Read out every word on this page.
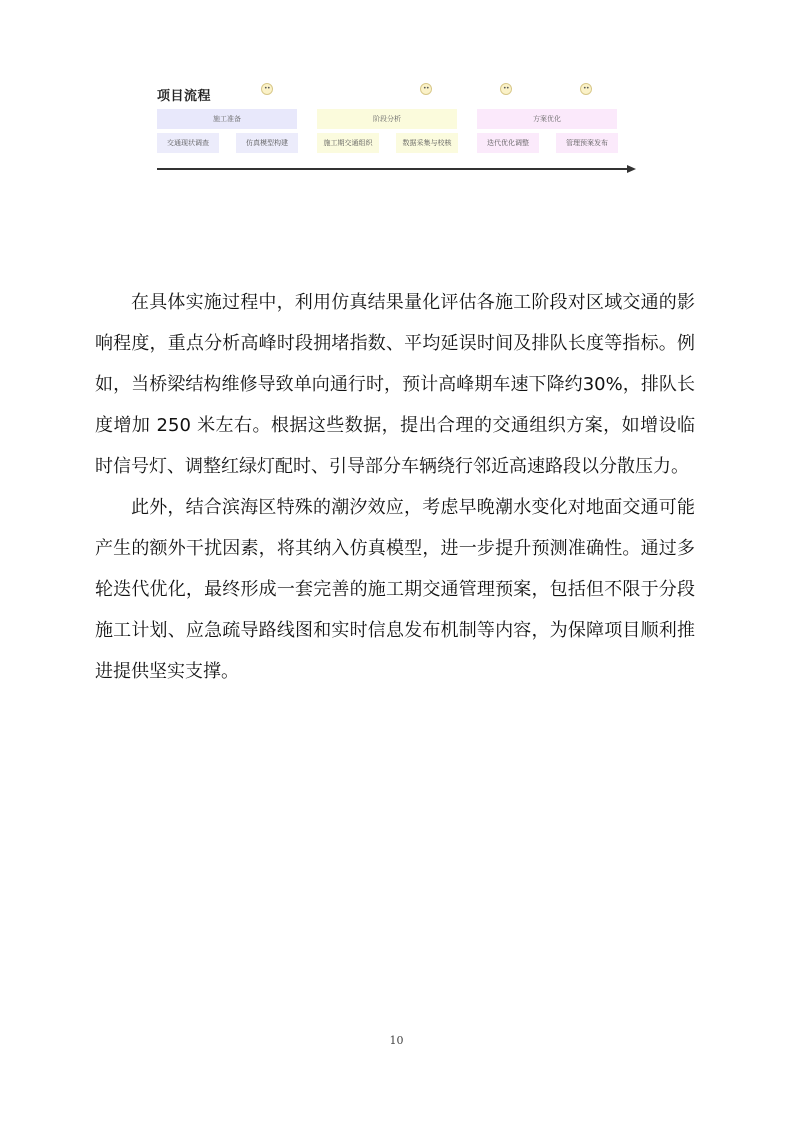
项目流程
••	••	••	••
施工准备	阶段分析	方案优化
交通现状调查	仿真模型构建	施工期交通组织	数据采集与校核	迭代优化调整	管理预案发布

在具体实施过程中，利用仿真结果量化评估各施工阶段对区域交通的影响程度，重点分析高峰时段拥堵指数、平均延误时间及排队长度等指标。例如，当桥梁结构维修导致单向通行时，预计高峰期车速下降约30%，排队长度增加 250 米左右。根据这些数据，提出合理的交通组织方案，如增设临时信号灯、调整红绿灯配时、引导部分车辆绕行邻近高速路段以分散压力。

此外，结合滨海区特殊的潮汐效应，考虑早晚潮水变化对地面交通可能产生的额外干扰因素，将其纳入仿真模型，进一步提升预测准确性。通过多轮迭代优化，最终形成一套完善的施工期交通管理预案，包括但不限于分段施工计划、应急疏导路线图和实时信息发布机制等内容，为保障项目顺利推进提供坚实支撑。

10
